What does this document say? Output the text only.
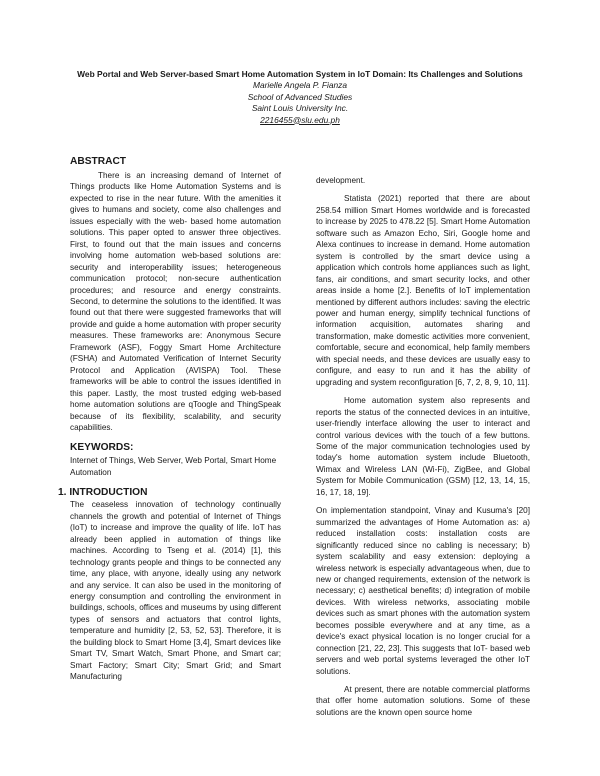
Web Portal and Web Server-based Smart Home Automation System in IoT Domain: Its Challenges and Solutions
Marielle Angela P. Fianza
School of Advanced Studies
Saint Louis University Inc.
2216455@slu.edu.ph
ABSTRACT

There is an increasing demand of Internet of Things products like Home Automation Systems and is expected to rise in the near future. With the amenities it gives to humans and society, come also challenges and issues especially with the web- based home automation solutions. This paper opted to answer three objectives. First, to found out that the main issues and concerns involving home automation web-based solutions are: security and interoperability issues; heterogeneous communication protocol; non-secure authentication procedures; and resource and energy constraints. Second, to determine the solutions to the identified. It was found out that there were suggested frameworks that will provide and guide a home automation with proper security measures. These frameworks are: Anonymous Secure Framework (ASF), Foggy Smart Home Architecture (FSHA) and Automated Verification of Internet Security Protocol and Application (AVISPA) Tool. These frameworks will be able to control the issues identified in this paper. Lastly, the most trusted edging web-based home automation solutions are qToogle and ThingSpeak because of its flexibility, scalability, and security capabilities.

KEYWORDS:

Internet of Things, Web Server, Web Portal, Smart Home Automation

1. INTRODUCTION

The ceaseless innovation of technology continually channels the growth and potential of Internet of Things (IoT) to increase and improve the quality of life. IoT has already been applied in automation of things like machines. According to Tseng et al. (2014) [1], this technology grants people and things to be connected any time, any place, with anyone, ideally using any network and any service. It can also be used in the monitoring of energy consumption and controlling the environment in buildings, schools, offices and museums by using different types of sensors and actuators that control lights, temperature and humidity [2, 53, 52, 53]. Therefore, it is the building block to Smart Home [3,4], Smart devices like Smart TV, Smart Watch, Smart Phone, and Smart car; Smart Factory; Smart City; Smart Grid; and Smart Manufacturing

development.

Statista (2021) reported that there are about 258.54 million Smart Homes worldwide and is forecasted to increase by 2025 to 478.22 [5]. Smart Home Automation software such as Amazon Echo, Siri, Google home and Alexa continues to increase in demand. Home automation system is controlled by the smart device using a application which controls home appliances such as light, fans, air conditions, and smart security locks, and other areas inside a home [2.]. Benefits of IoT implementation mentioned by different authors includes: saving the electric power and human energy, simplify technical functions of information acquisition, automates sharing and transformation, make domestic activities more convenient, comfortable, secure and economical, help family members with special needs, and these devices are usually easy to configure, and easy to run and it has the ability of upgrading and system reconfiguration [6, 7, 2, 8, 9, 10, 11].

Home automation system also represents and reports the status of the connected devices in an intuitive, user-friendly interface allowing the user to interact and control various devices with the touch of a few buttons. Some of the major communication technologies used by today's home automation system include Bluetooth, Wimax and Wireless LAN (Wi-Fi), ZigBee, and Global System for Mobile Communication (GSM) [12, 13, 14, 15, 16, 17, 18, 19].

On implementation standpoint, Vinay and Kusuma's [20] summarized the advantages of Home Automation as: a) reduced installation costs: installation costs are significantly reduced since no cabling is necessary; b) system scalability and easy extension: deploying a wireless network is especially advantageous when, due to new or changed requirements, extension of the network is necessary; c) aesthetical benefits; d) integration of mobile devices. With wireless networks, associating mobile devices such as smart phones with the automation system becomes possible everywhere and at any time, as a device's exact physical location is no longer crucial for a connection [21, 22, 23]. This suggests that IoT- based web servers and web portal systems leveraged the other IoT solutions.

At present, there are notable commercial platforms that offer home automation solutions. Some of these solutions are the known open source home
